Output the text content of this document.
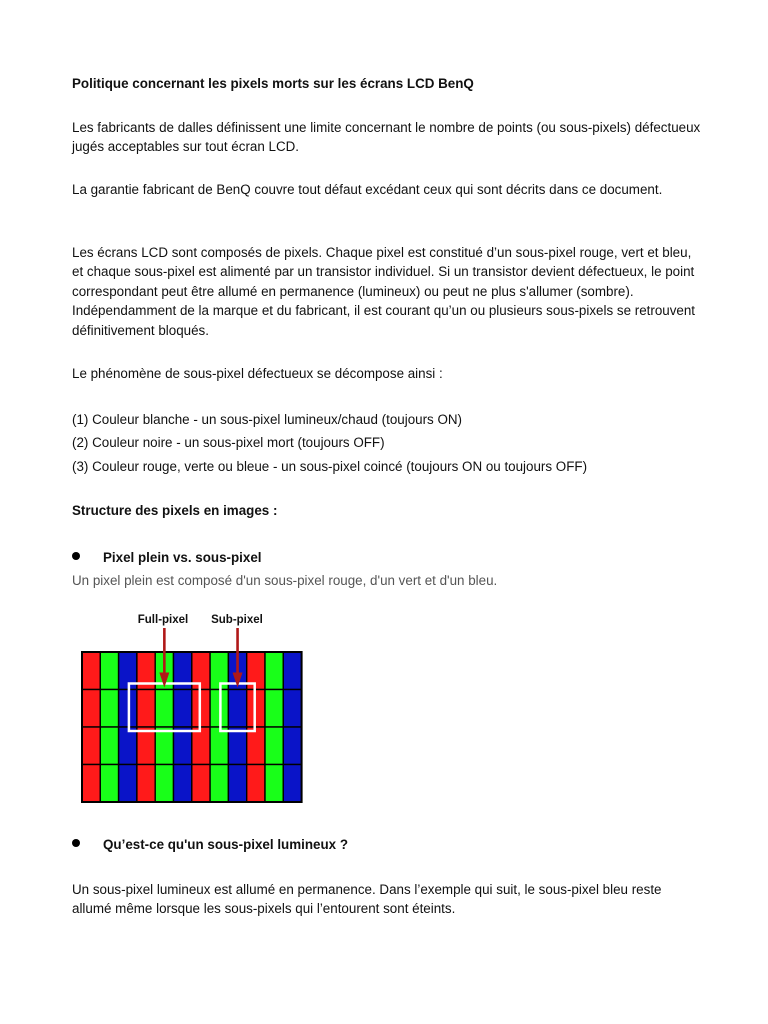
Politique concernant les pixels morts sur les écrans LCD BenQ

Les fabricants de dalles définissent une limite concernant le nombre de points (ou sous-pixels) défectueux jugés acceptables sur tout écran LCD.

La garantie fabricant de BenQ couvre tout défaut excédant ceux qui sont décrits dans ce document.

Les écrans LCD sont composés de pixels. Chaque pixel est constitué d’un sous-pixel rouge, vert et bleu, et chaque sous-pixel est alimenté par un transistor individuel. Si un transistor devient défectueux, le point correspondant peut être allumé en permanence (lumineux) ou peut ne plus s'allumer (sombre). Indépendamment de la marque et du fabricant, il est courant qu’un ou plusieurs sous-pixels se retrouvent définitivement bloqués.

Le phénomène de sous-pixel défectueux se décompose ainsi :

(1) Couleur blanche - un sous-pixel lumineux/chaud (toujours ON)

(2) Couleur noire - un sous-pixel mort (toujours OFF)

(3) Couleur rouge, verte ou bleue - un sous-pixel coincé (toujours ON ou toujours OFF)

Structure des pixels en images :

Pixel plein vs. sous-pixel

Un pixel plein est composé d'un sous-pixel rouge, d'un vert et d'un bleu.

Full-pixel Sub-pixel

Qu’est-ce qu'un sous-pixel lumineux ?

Un sous-pixel lumineux est allumé en permanence. Dans l’exemple qui suit, le sous-pixel bleu reste allumé même lorsque les sous-pixels qui l’entourent sont éteints.
